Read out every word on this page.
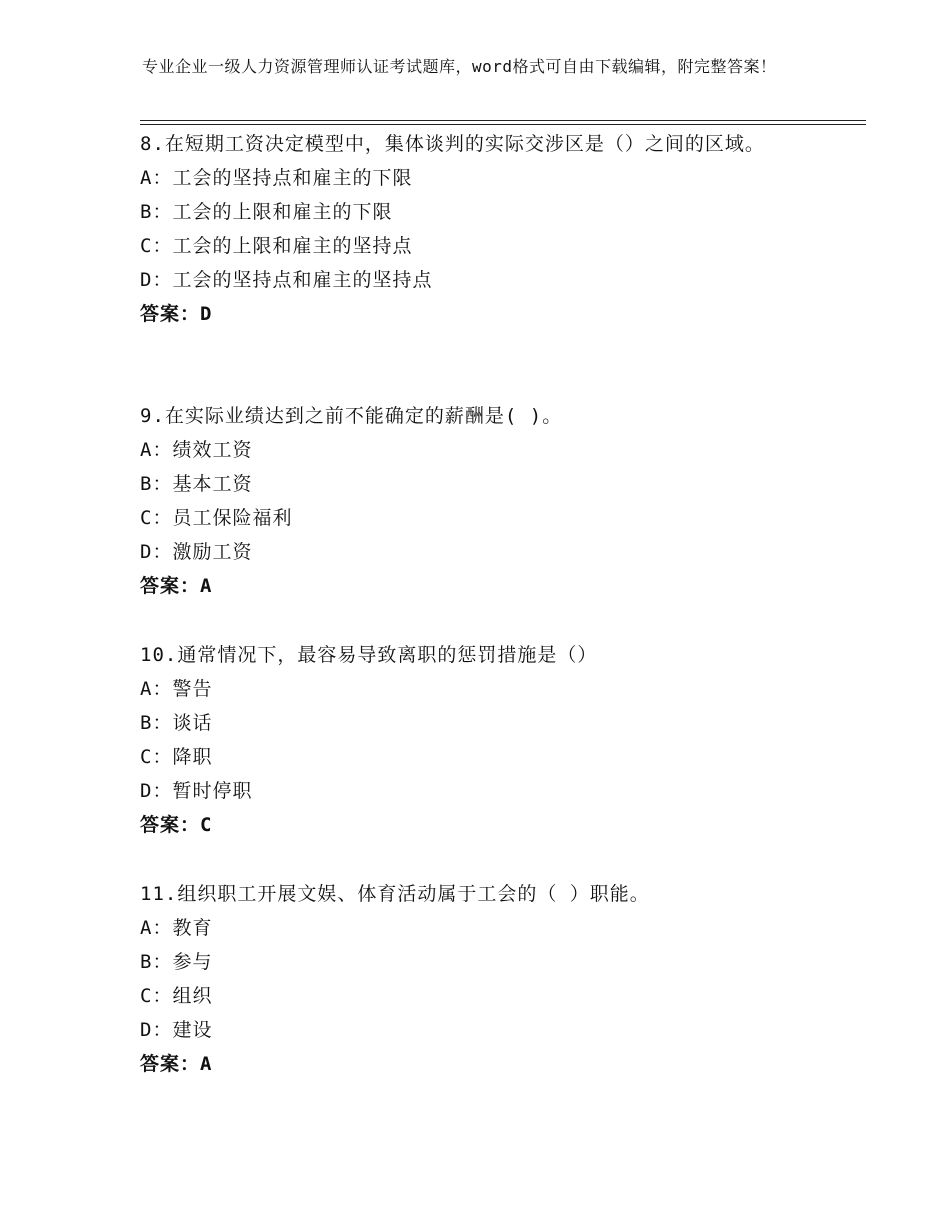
专业企业一级人力资源管理师认证考试题库，word格式可自由下载编辑，附完整答案！

8.在短期工资决定模型中，集体谈判的实际交涉区是（）之间的区域。

A：工会的坚持点和雇主的下限

B：工会的上限和雇主的下限

C：工会的上限和雇主的坚持点

D：工会的坚持点和雇主的坚持点

答案：D

9.在实际业绩达到之前不能确定的薪酬是( )。

A：绩效工资

B：基本工资

C：员工保险福利

D：激励工资

答案：A

10.通常情况下，最容易导致离职的惩罚措施是（）

A：警告

B：谈话

C：降职

D：暂时停职

答案：C

11.组织职工开展文娱、体育活动属于工会的（ ）职能。

A：教育

B：参与

C：组织

D：建设

答案：A
